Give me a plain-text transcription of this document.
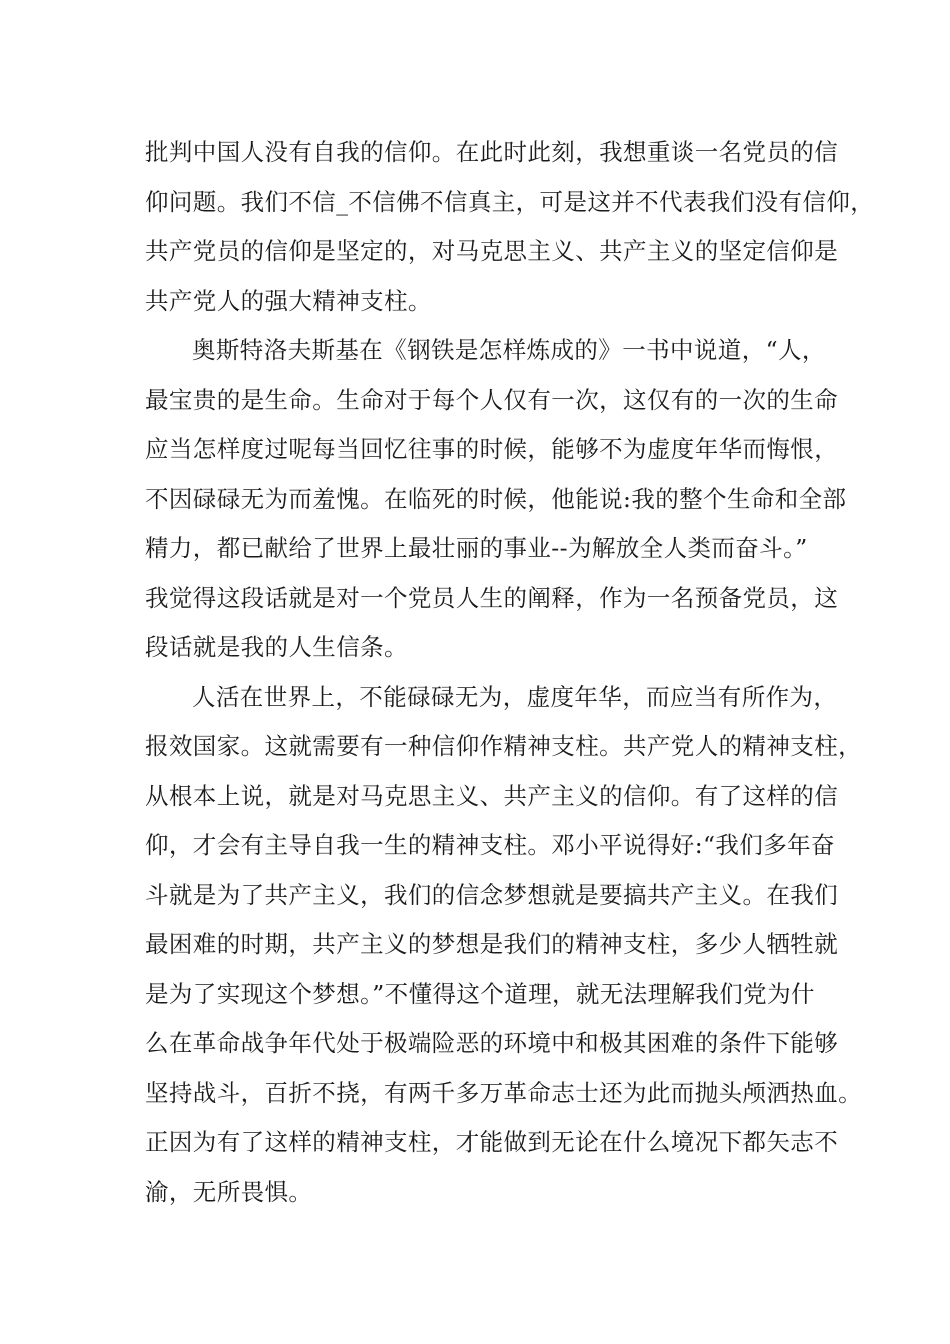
批判中国人没有自我的信仰。在此时此刻，我想重谈一名党员的信
仰问题。我们不信_不信佛不信真主，可是这并不代表我们没有信仰，
共产党员的信仰是坚定的，对马克思主义、共产主义的坚定信仰是
共产党人的强大精神支柱。
奥斯特洛夫斯基在《钢铁是怎样炼成的》一书中说道，“人，
最宝贵的是生命。生命对于每个人仅有一次，这仅有的一次的生命
应当怎样度过呢每当回忆往事的时候，能够不为虚度年华而悔恨，
不因碌碌无为而羞愧。在临死的时候，他能说:我的整个生命和全部
精力，都已献给了世界上最壮丽的事业--为解放全人类而奋斗。”
我觉得这段话就是对一个党员人生的阐释，作为一名预备党员，这
段话就是我的人生信条。
人活在世界上，不能碌碌无为，虚度年华，而应当有所作为，
报效国家。这就需要有一种信仰作精神支柱。共产党人的精神支柱，
从根本上说，就是对马克思主义、共产主义的信仰。有了这样的信
仰，才会有主导自我一生的精神支柱。邓小平说得好:“我们多年奋
斗就是为了共产主义，我们的信念梦想就是要搞共产主义。在我们
最困难的时期，共产主义的梦想是我们的精神支柱，多少人牺牲就
是为了实现这个梦想。”不懂得这个道理，就无法理解我们党为什
么在革命战争年代处于极端险恶的环境中和极其困难的条件下能够
坚持战斗，百折不挠，有两千多万革命志士还为此而抛头颅洒热血。
正因为有了这样的精神支柱，才能做到无论在什么境况下都矢志不
渝，无所畏惧。
